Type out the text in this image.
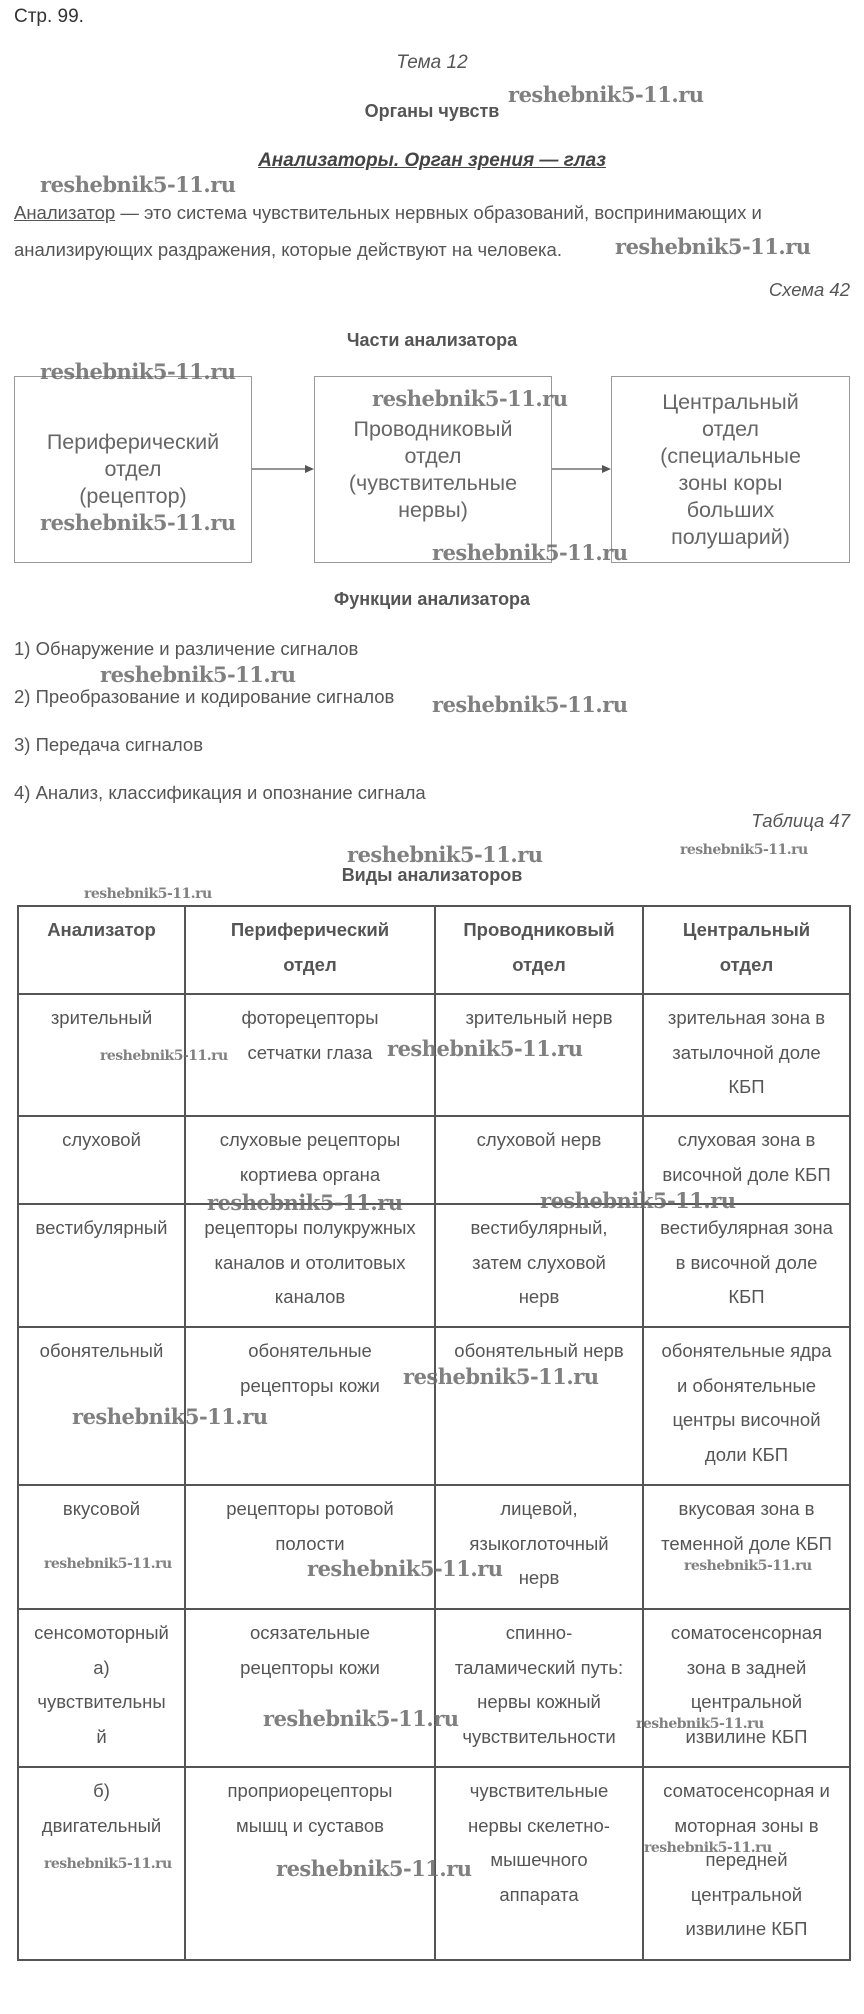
Стр. 99.
Тема 12
Органы чувств
Анализаторы. Орган зрения — глаз
Анализатор — это система чувствительных нервных образований, воспринимающих и
анализирующих раздражения, которые действуют на человека.
Схема 42
Части анализатора
Периферический
отдел
(рецептор)
Проводниковый
отдел
(чувствительные
нервы)
Центральный
отдел
(специальные
зоны коры
больших
полушарий)
Функции анализатора
1) Обнаружение и различение сигналов
2) Преобразование и кодирование сигналов
3) Передача сигналов
4) Анализ, классификация и опознание сигнала
Таблица 47
Виды анализаторов
Анализатор	Периферический
отдел	Проводниковый
отдел	Центральный
отдел

зрительный	фоторецепторы
сетчатки глаза	зрительный нерв	зрительная зона в
затылочной доле
КБП

слуховой	слуховые рецепторы
кортиева органа	слуховой нерв	слуховая зона в
височной доле КБП

вестибулярный	рецепторы полукружных
каналов и отолитовых
каналов	вестибулярный,
затем слуховой
нерв	вестибулярная зона
в височной доле
КБП

обонятельный	обонятельные
рецепторы кожи	обонятельный нерв	обонятельные ядра
и обонятельные
центры височной
доли КБП

вкусовой	рецепторы ротовой
полости	лицевой,
языкоглоточный
нерв	вкусовая зона в
теменной доле КБП

сенсомоторный
а)
чувствительны
й	осязательные
рецепторы кожи	спинно-
таламический путь:
нервы кожный
чувствительности	соматосенсорная
зона в задней
центральной
извилине КБП

б)
двигательный	проприорецепторы
мышц и суставов	чувствительные
нервы скелетно-
мышечного
аппарата	соматосенсорная и
моторная зоны в
передней
центральной
извилине КБП
reshebnik5-11.ru
reshebnik5-11.ru
reshebnik5-11.ru
reshebnik5-11.ru
reshebnik5-11.ru
reshebnik5-11.ru
reshebnik5-11.ru
reshebnik5-11.ru
reshebnik5-11.ru
reshebnik5-11.ru	reshebnik5-11.ru
reshebnik5-11.ru
reshebnik5-11.ru	reshebnik5-11.ru
reshebnik5-11.ru	reshebnik5-11.ru
reshebnik5-11.ru
reshebnik5-11.ru
reshebnik5-11.ru	reshebnik5-11.ru	reshebnik5-11.ru
reshebnik5-11.ru	reshebnik5-11.ru
reshebnik5-11.ru	reshebnik5-11.ru
reshebnik5-11.ru
